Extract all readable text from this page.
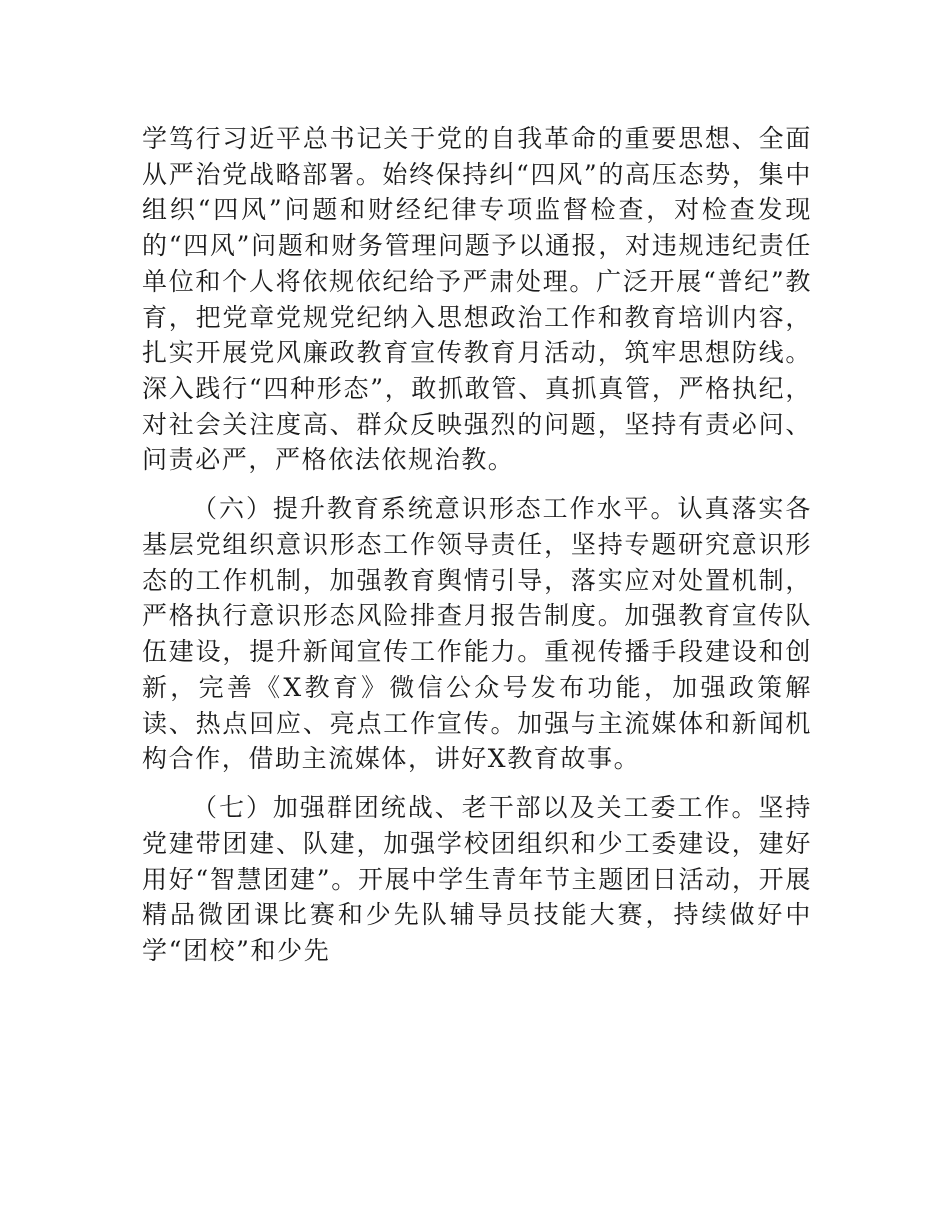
学笃行习近平总书记关于党的自我革命的重要思想、全面从严治党战略部署。始终保持纠“四风”的高压态势，集中组织“四风”问题和财经纪律专项监督检查，对检查发现的“四风”问题和财务管理问题予以通报，对违规违纪责任单位和个人将依规依纪给予严肃处理。广泛开展“普纪”教育，把党章党规党纪纳入思想政治工作和教育培训内容，扎实开展党风廉政教育宣传教育月活动，筑牢思想防线。深入践行“四种形态”，敢抓敢管、真抓真管，严格执纪，对社会关注度高、群众反映强烈的问题，坚持有责必问、问责必严，严格依法依规治教。

（六）提升教育系统意识形态工作水平。认真落实各基层党组织意识形态工作领导责任，坚持专题研究意识形态的工作机制，加强教育舆情引导，落实应对处置机制，严格执行意识形态风险排查月报告制度。加强教育宣传队伍建设，提升新闻宣传工作能力。重视传播手段建设和创新，完善《X教育》微信公众号发布功能，加强政策解读、热点回应、亮点工作宣传。加强与主流媒体和新闻机构合作，借助主流媒体，讲好X教育故事。

（七）加强群团统战、老干部以及关工委工作。坚持党建带团建、队建，加强学校团组织和少工委建设，建好用好“智慧团建”。开展中学生青年节主题团日活动，开展精品微团课比赛和少先队辅导员技能大赛，持续做好中学“团校”和少先
